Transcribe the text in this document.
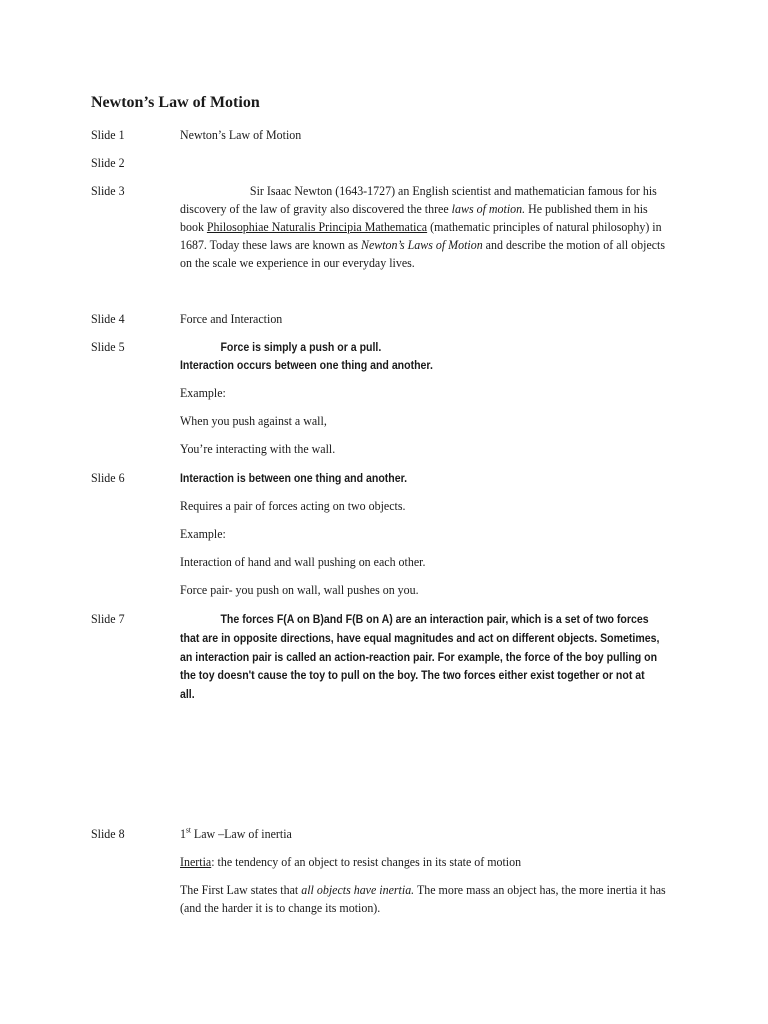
Newton’s Law of Motion
Slide 1	Newton’s Law of Motion
Slide 2
Slide 3	Sir Isaac Newton (1643-1727) an English scientist and mathematician famous for his discovery of the law of gravity also discovered the three laws of motion. He published them in his book Philosophiae Naturalis Principia Mathematica (mathematic principles of natural philosophy) in 1687. Today these laws are known as Newton’s Laws of Motion and describe the motion of all objects on the scale we experience in our everyday lives.
Slide 4	Force and Interaction
Slide 5	Force is simply a push or a pull.
Interaction occurs between one thing and another.
Example:
When you push against a wall,
You’re interacting with the wall.
Slide 6	Interaction is between one thing and another.
Requires a pair of forces acting on two objects.
Example:
Interaction of hand and wall pushing on each other.
Force pair- you push on wall, wall pushes on you.
Slide 7	The forces F(A on B)and F(B on A) are an interaction pair, which is a set of two forces that are in opposite directions, have equal magnitudes and act on different objects. Sometimes, an interaction pair is called an action-reaction pair. For example, the force of the boy pulling on the toy doesn't cause the toy to pull on the boy. The two forces either exist together or not at all.
Slide 8	1st Law –Law of inertia
Inertia: the tendency of an object to resist changes in its state of motion
The First Law states that all objects have inertia. The more mass an object has, the more inertia it has (and the harder it is to change its motion).
